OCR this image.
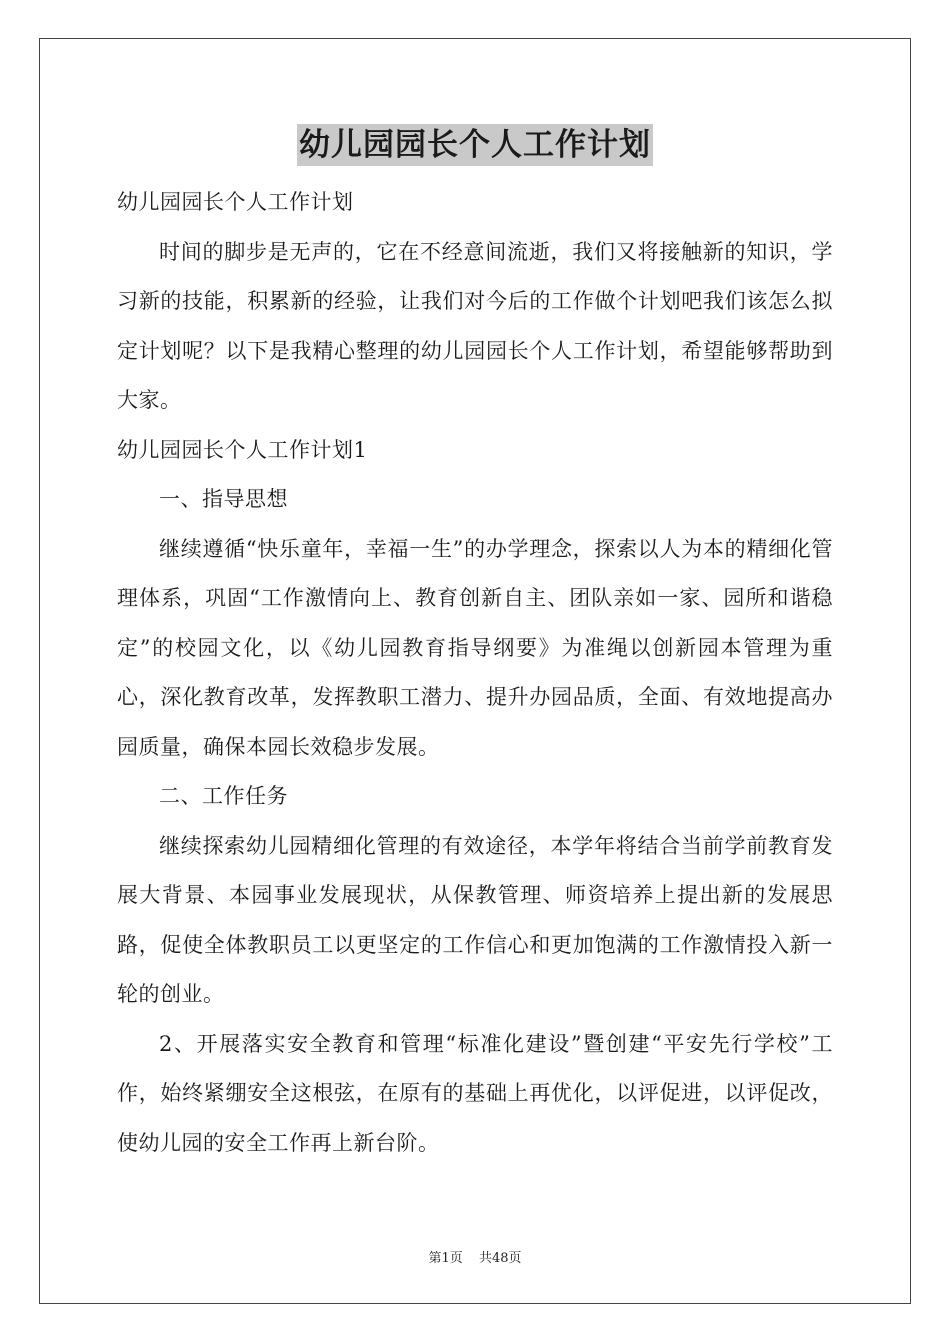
幼儿园园长个人工作计划

幼儿园园长个人工作计划

时间的脚步是无声的，它在不经意间流逝，我们又将接触新的知识，学习新的技能，积累新的经验，让我们对今后的工作做个计划吧我们该怎么拟定计划呢？以下是我精心整理的幼儿园园长个人工作计划，希望能够帮助到大家。

幼儿园园长个人工作计划1

一、指导思想

继续遵循“快乐童年，幸福一生”的办学理念，探索以人为本的精细化管理体系，巩固“工作激情向上、教育创新自主、团队亲如一家、园所和谐稳定”的校园文化，以《幼儿园教育指导纲要》为准绳以创新园本管理为重心，深化教育改革，发挥教职工潜力、提升办园品质，全面、有效地提高办园质量，确保本园长效稳步发展。

二、工作任务

继续探索幼儿园精细化管理的有效途径，本学年将结合当前学前教育发展大背景、本园事业发展现状，从保教管理、师资培养上提出新的发展思路，促使全体教职员工以更坚定的工作信心和更加饱满的工作激情投入新一轮的创业。

2、开展落实安全教育和管理“标准化建设”暨创建“平安先行学校”工作，始终紧绷安全这根弦，在原有的基础上再优化，以评促进，以评促改，使幼儿园的安全工作再上新台阶。

第1页 共48页
